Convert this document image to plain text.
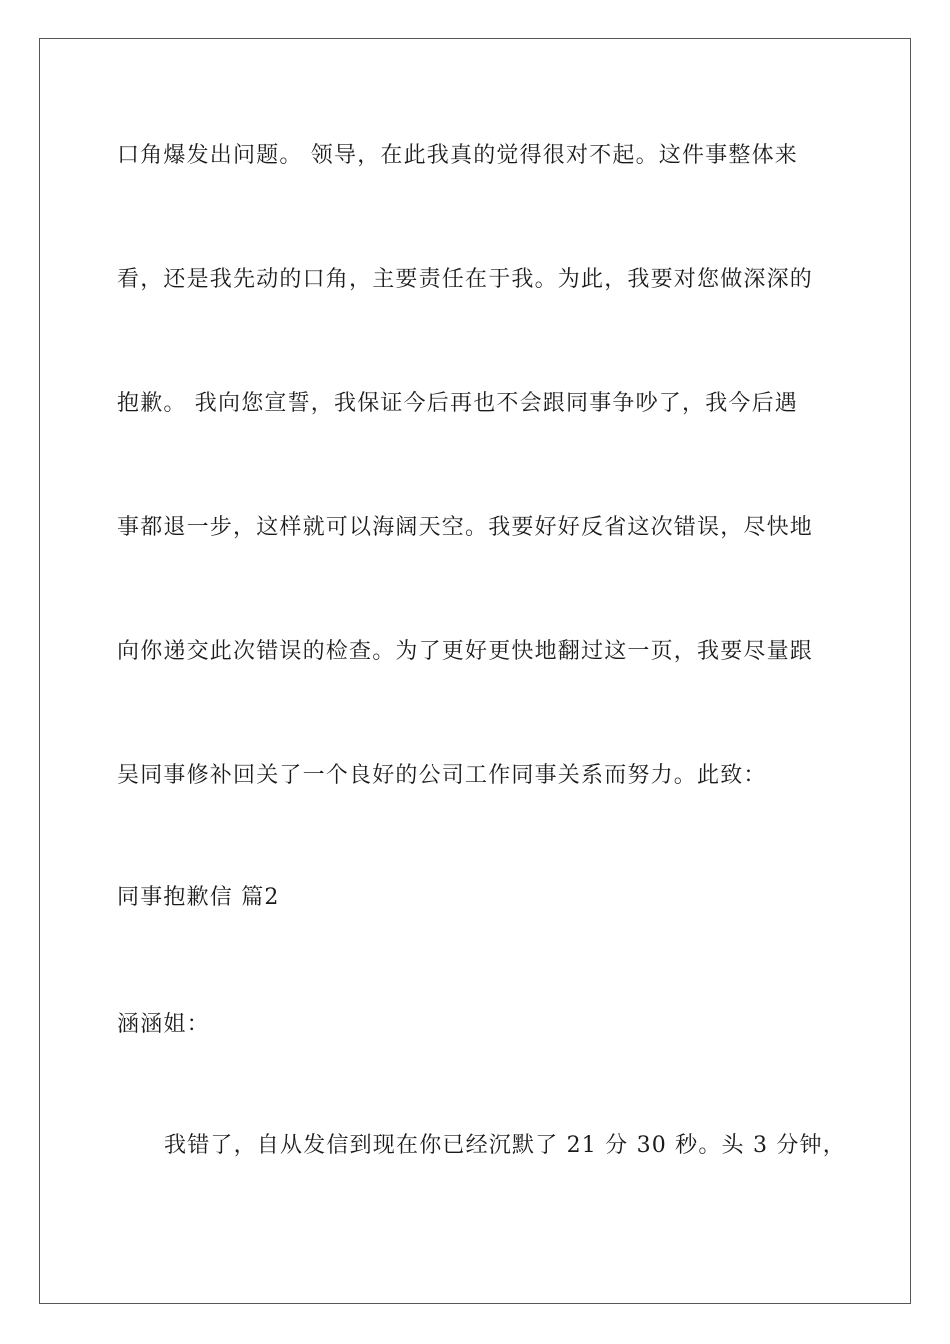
口角爆发出问题。 领导，在此我真的觉得很对不起。这件事整体来
看，还是我先动的口角，主要责任在于我。为此，我要对您做深深的
抱歉。 我向您宣誓，我保证今后再也不会跟同事争吵了，我今后遇
事都退一步，这样就可以海阔天空。我要好好反省这次错误，尽快地
向你递交此次错误的检查。为了更好更快地翻过这一页，我要尽量跟
吴同事修补回关了一个良好的公司工作同事关系而努力。此致：
同事抱歉信 篇2
涵涵姐：
我错了，自从发信到现在你已经沉默了 21 分 30 秒。头 3 分钟，
